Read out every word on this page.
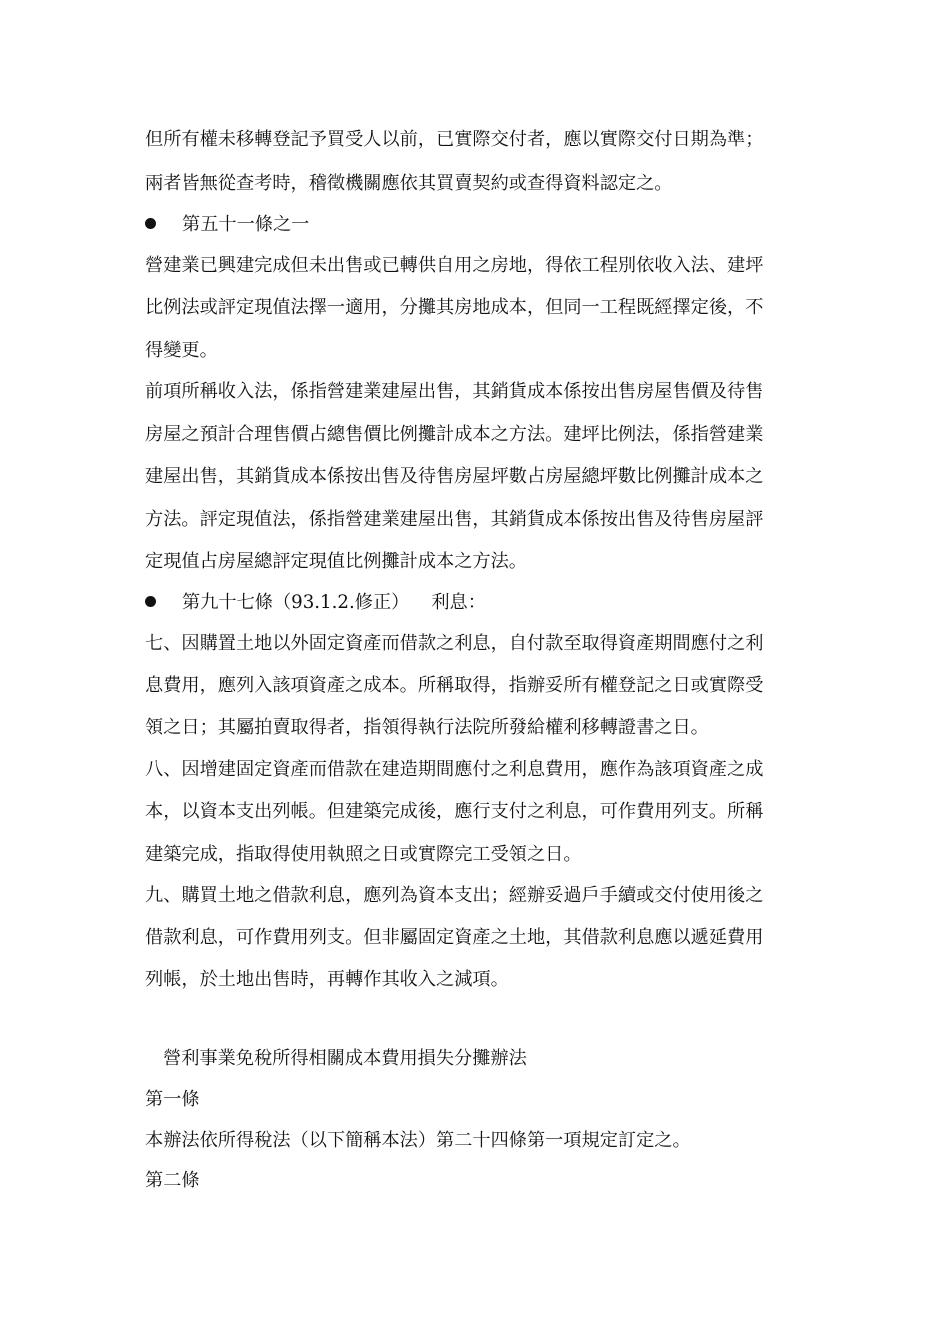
但所有權未移轉登記予買受人以前，已實際交付者，應以實際交付日期為準；
兩者皆無從查考時，稽徵機關應依其買賣契約或查得資料認定之。
第五十一條之一
營建業已興建完成但未出售或已轉供自用之房地，得依工程別依收入法、建坪
比例法或評定現值法擇一適用，分攤其房地成本，但同一工程既經擇定後，不
得變更。
前項所稱收入法，係指營建業建屋出售，其銷貨成本係按出售房屋售價及待售
房屋之預計合理售價占總售價比例攤計成本之方法。建坪比例法，係指營建業
建屋出售，其銷貨成本係按出售及待售房屋坪數占房屋總坪數比例攤計成本之
方法。評定現值法，係指營建業建屋出售，其銷貨成本係按出售及待售房屋評
定現值占房屋總評定現值比例攤計成本之方法。
第九十七條（93.1.2.修正） 利息：
七、因購置土地以外固定資產而借款之利息，自付款至取得資產期間應付之利
息費用，應列入該項資產之成本。所稱取得，指辦妥所有權登記之日或實際受
領之日；其屬拍賣取得者，指領得執行法院所發給權利移轉證書之日。
八、因增建固定資產而借款在建造期間應付之利息費用，應作為該項資產之成
本，以資本支出列帳。但建築完成後，應行支付之利息，可作費用列支。所稱
建築完成，指取得使用執照之日或實際完工受領之日。
九、購買土地之借款利息，應列為資本支出；經辦妥過戶手續或交付使用後之
借款利息，可作費用列支。但非屬固定資產之土地，其借款利息應以遞延費用
列帳，於土地出售時，再轉作其收入之減項。
營利事業免稅所得相關成本費用損失分攤辦法
第一條
本辦法依所得稅法（以下簡稱本法）第二十四條第一項規定訂定之。
第二條
